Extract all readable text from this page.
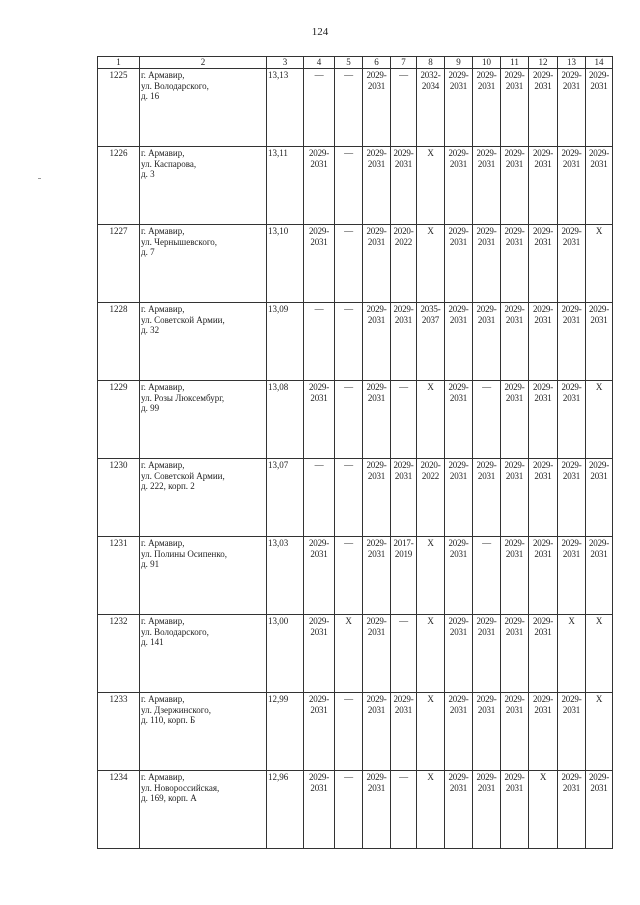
124
1	2	3	4	5	6	7	8	9	10	11	12	13	14
1225	г. Армавир,
ул. Володарского,
д. 16	13,13	—	—	2029-
2031	—	2032-
2034	2029-
2031	2029-
2031	2029-
2031	2029-
2031	2029-
2031	2029-
2031
1226	г. Армавир,
ул. Каспарова,
д. 3	13,11	2029-
2031	—	2029-
2031	2029-
2031	Х	2029-
2031	2029-
2031	2029-
2031	2029-
2031	2029-
2031	2029-
2031
1227	г. Армавир,
ул. Чернышевского,
д. 7	13,10	2029-
2031	—	2029-
2031	2020-
2022	Х	2029-
2031	2029-
2031	2029-
2031	2029-
2031	2029-
2031	Х
1228	г. Армавир,
ул. Советской Армии,
д. 32	13,09	—	—	2029-
2031	2029-
2031	2035-
2037	2029-
2031	2029-
2031	2029-
2031	2029-
2031	2029-
2031	2029-
2031
1229	г. Армавир,
ул. Розы Люксембург,
д. 99	13,08	2029-
2031	—	2029-
2031	—	Х	2029-
2031	—	2029-
2031	2029-
2031	2029-
2031	Х
1230	г. Армавир,
ул. Советской Армии,
д. 222, корп. 2	13,07	—	—	2029-
2031	2029-
2031	2020-
2022	2029-
2031	2029-
2031	2029-
2031	2029-
2031	2029-
2031	2029-
2031
1231	г. Армавир,
ул. Полины Осипенко,
д. 91	13,03	2029-
2031	—	2029-
2031	2017-
2019	Х	2029-
2031	—	2029-
2031	2029-
2031	2029-
2031	2029-
2031
1232	г. Армавир,
ул. Володарского,
д. 141	13,00	2029-
2031	Х	2029-
2031	—	Х	2029-
2031	2029-
2031	2029-
2031	2029-
2031	Х	Х
1233	г. Армавир,
ул. Дзержинского,
д. 110, корп. Б	12,99	2029-
2031	—	2029-
2031	2029-
2031	Х	2029-
2031	2029-
2031	2029-
2031	2029-
2031	2029-
2031	Х
1234	г. Армавир,
ул. Новороссийская,
д. 169, корп. А	12,96	2029-
2031	—	2029-
2031	—	Х	2029-
2031	2029-
2031	2029-
2031	Х	2029-
2031	2029-
2031
